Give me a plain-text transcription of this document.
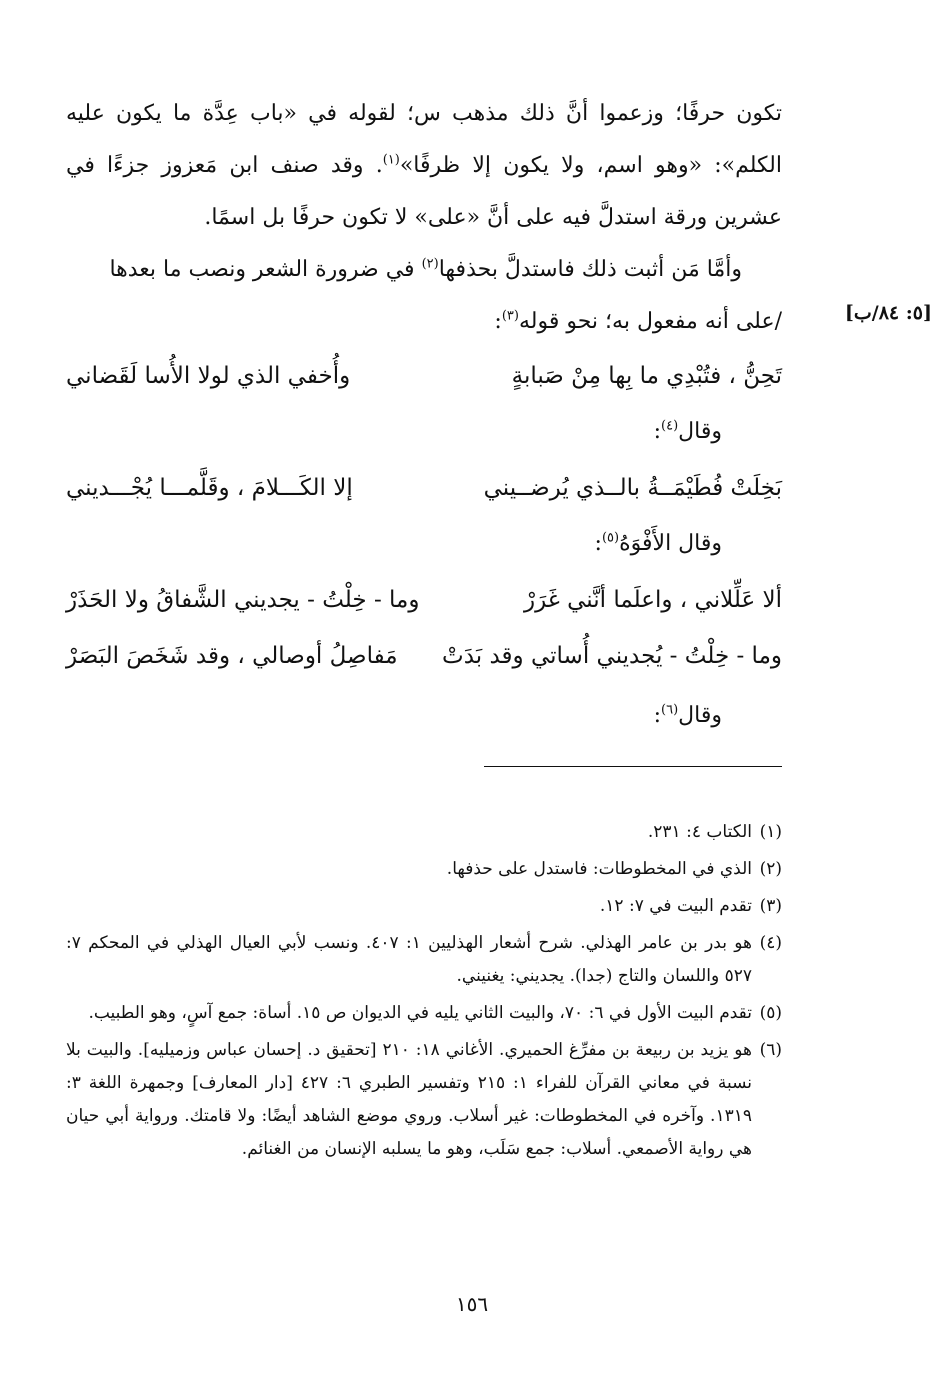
تكون حرفًا؛ وزعموا أنَّ ذلك مذهب س؛ لقوله في «باب عِدَّة ما يكون عليه الكلم»: «وهو اسم، ولا يكون إلا ظرفًا»$^{(١)}$. وقد صنف ابن مَعزوز جزءًا في عشرين ورقة استدلَّ فيه على أنَّ «على» لا تكون حرفًا بل اسمًا.

وأمَّا مَن أثبت ذلك فاستدلَّ بحذفها$^{(٢)}$ في ضرورة الشعر ونصب ما بعدها

/على أنه مفعول به؛ نحو قوله$^{(٣)}$:	[٥: ٨٤/ب]
تَحِنُّ ، فتُبْدِي ما بِها مِنْ صَبابةٍ
وأُخفي الذي لولا الأُسا لَقَضاني
وقال$^{(٤)}$:
بَخِلَتْ فُطَيْمَــةُ بالــذي يُرضــيني
إلا الكَـــلامَ ، وقَلَّمـــا يُجْـــديني
وقال الأَفْوَهُ$^{(٥)}$:
ألا عَلِّلاني ، واعلَما أنَّني غَرَرْ
وما - خِلْتُ - يجديني الشَّفاقُ ولا الحَذَرْ
وما - خِلْتُ - يُجديني أُساتي وقد بَدَتْ
مَفاصِلُ أوصالي ، وقد شَخَصَ البَصَرْ
وقال$^{(٦)}$:
(١)
الكتاب ٤: ٢٣١.
(٢)
الذي في المخطوطات: فاستدل على حذفها.
(٣)
تقدم البيت في ٧: ١٢.
(٤)
هو بدر بن عامر الهذلي. شرح أشعار الهذليين ١: ٤٠٧. ونسب لأبي العيال الهذلي في المحكم ٧: ٥٢٧ واللسان والتاج (جدا). يجديني: يغنيني.
(٥)
تقدم البيت الأول في ٦: ٧٠، والبيت الثاني يليه في الديوان ص ١٥. أساة: جمع آسٍ، وهو الطبيب.
(٦)
هو يزيد بن ربيعة بن مفرِّغ الحميري. الأغاني ١٨: ٢١٠ [تحقيق د. إحسان عباس وزميليه]. والبيت بلا نسبة في معاني القرآن للفراء ١: ٢١٥ وتفسير الطبري ٦: ٤٢٧ [دار المعارف] وجمهرة اللغة ٣: ١٣١٩. وآخره في المخطوطات: غير أسلاب. وروي موضع الشاهد أيضًا: ولا قامتك. ورواية أبي حيان هي رواية الأصمعي. أسلاب: جمع سَلَب، وهو ما يسلبه الإنسان من الغنائم.
١٥٦
